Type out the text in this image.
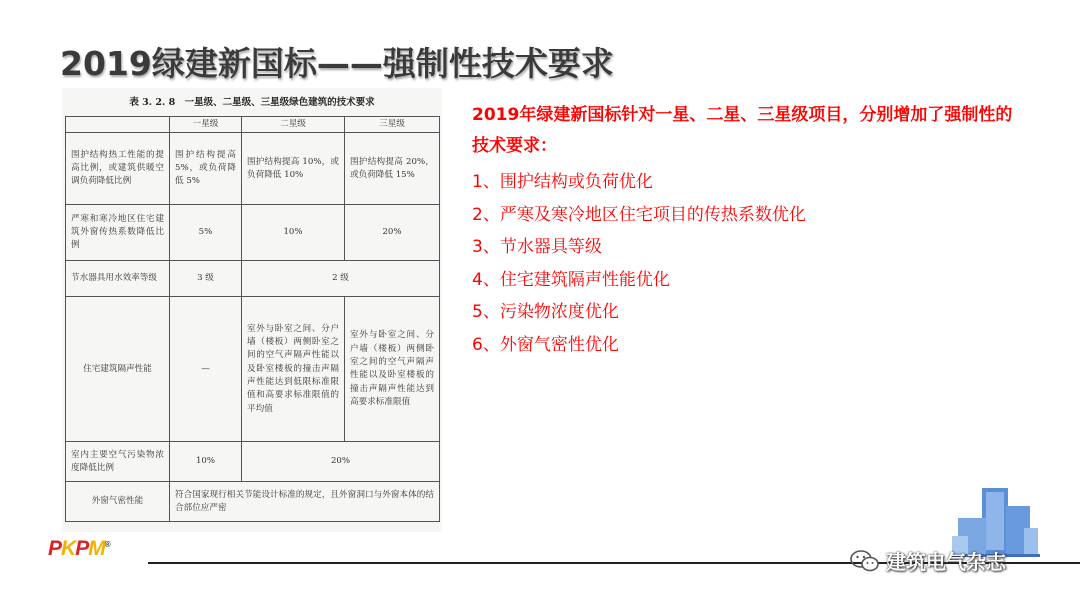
2019绿建新国标——强制性技术要求
表 3. 2. 8　一星级、二星级、三星级绿色建筑的技术要求
	一星级	二星级	三星级
围护结构热工性能的提高比例，或建筑供暖空调负荷降低比例	围护结构提高 5%，或负荷降低 5%	围护结构提高 10%，或负荷降低 10%	围护结构提高 20%，或负荷降低 15%
严寒和寒冷地区住宅建筑外窗传热系数降低比例	5%	10%	20%
节水器具用水效率等级	3 级	2 级	
住宅建筑隔声性能	—	室外与卧室之间、分户墙（楼板）两侧卧室之间的空气声隔声性能以及卧室楼板的撞击声隔声性能达到低限标准限值和高要求标准限值的平均值	室外与卧室之间、分户墙（楼板）两侧卧室之间的空气声隔声性能以及卧室楼板的撞击声隔声性能达到高要求标准限值
室内主要空气污染物浓度降低比例	10%	20%	
外窗气密性能	符合国家现行相关节能设计标准的规定，且外窗洞口与外窗本体的结合部位应严密		
2019年绿建新国标针对一星、二星、三星级项目，分别增加了强制性的技术要求：
1、围护结构或负荷优化
2、严寒及寒冷地区住宅项目的传热系数优化
3、节水器具等级
4、住宅建筑隔声性能优化
5、污染物浓度优化
6、外窗气密性优化
PKPM®
建筑电气杂志
